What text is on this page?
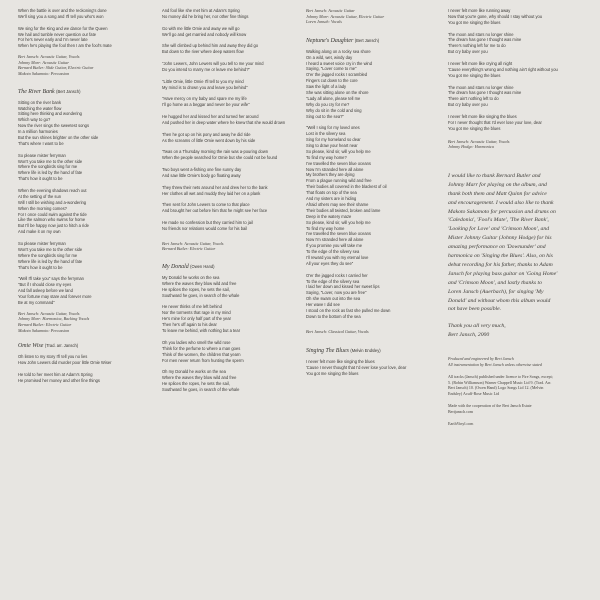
When the battle is over and the reckoning's done
We'll sing you a song and I'll tell you who's won
We sing for the King and we dance for the Queen
We hail and tumble never question our fate
For he's never early and I'm never late
When he's playing the fool then I am the fool's mate
Bert Jansch: Acoustic Guitar, Vocals
Johnny Marr: Acoustic Guitar
Bernard Butler: Slide Guitar, Electric Guitar
Makoto Sakamoto: Percussion
The River Bank (Bert Jansch)
Sitting on the river bank
Watching the water flow
Sitting here thinking and wondering
Which way to go?
Now the river sings the sweetest songs
In a million harmonies
But the sun shines brighter on the other side
That's where I want to be
So please mister ferryman
Won't you take me to the other side
Where the songbirds sing for me
Where life is led by the hand of fate
That's how it ought to be
When the evening shadows reach out
At the setting of the sun
Will I still be wishing and a-wondering
When the morning comes?
For I once could swim against the tide
Like the salmon who swims for home
But I'll be happy now just to hitch a ride
And make it on my own
So please mister ferryman
Won't you take me to the other side
Where the songbirds sing for me
Where life is led by the hand of fate
That's how it ought to be
"Well I'll take you" says the ferryman
"But if I should close my eyes
And fall asleep before we land
Your fortune may stare and forever more
Be at my command"
Bert Jansch: Acoustic Guitar, Vocals
Johnny Marr: Harmonica, Backing Vocals
Bernard Butler: Electric Guitar
Makoto Sakamoto: Percussion
Omie Wise (Trad. arr. Jansch)
Oh listen to my story I'll tell you no lies
How John Lewers did murder poor little Omie Wiser
He told to her meet him at Adam's Spring
He promised her money and other fine things
And fool like she met him at Adam's Spring
No money did he bring her, nor other fine things
Go with me little Omie and away we will go
We'll go and get married and nobody will know
She will climbed up behind him and away they did go
But down to the river where deep waters flow
"John Lewers, John Lewers will you tell to me your mind
Do you intend to marry me or leave me behind?"
"Little Omie, little Omie I'll tell to you my mind
My mind is to drown you and leave you behind"
"Have mercy on my baby and spare me my life
I'll go home as a beggar and never be your wife"
He hugged her and kissed her and turned her around
And pushed her in deep water where he knew that she would drown
Then he got up on his pony and away he did ride
As the screams of little Omie went down by his side
'Twas on a Thursday morning the rain was a-pouring down
When the people searched for Omie but she could not be found
Two boys went a-fishing one fine sunny day
And saw little Omie's body go floating away
They threw their nets around her and drew her to the bank
Her clothes all wet and muddy they laid her on a plank
Then sent for John Lewers to come to that place
And brought her out before him that he might see her face
He made no confession but they carried him to jail
No friends nor relations would come for his bail
Bert Jansch: Acoustic Guitar, Vocals
Bernard Butler: Electric Guitar
My Donald (Owen Hand)
My Donald he works on the sea
Where the waves they blow wild and free
He splices the ropes, he sets the sail,
Southward he goes, in search of the whale
He never thinks of me left behind
Nor the torments that rage in my mind
He's mine for only half part of the year
Then he's off again to his dear
To leave me behind, with nothing but a tear
Oh you ladies who smell the wild rose
Think for the perfume to where a man goes
Think of the women, the children that yearn
For men never return from hunting the sperm
Oh my Donald he works on the sea
Where the waves they blow wild and free
He splices the ropes, he sets the sail,
Southward he goes, in search of the whale
Bert Jansch: Acoustic Guitar
Johnny Marr: Acoustic Guitar, Electric Guitar
Loren Jansch: Vocals
Neptune's Daughter (Bert Jansch)
Walking along on a rocky sea shore
On a wild, wet, windy day
I heard a sweet voice cry in the wind
Saying, "Lover come to me"
O'er the jagged rocks I scrambled
Fingers cut down to the core
Saw the light of a lady
She was sitting alone on the shore
"Lady all alone, please tell me
Why do you cry for me?
Why do sit in the cold and sing
Sing out to the sea?"
"Well I sing for my loved ones
Lost in the silvery sea
Sing for my homeland so dear
Sing to draw your heart near
So please, kind sir, will you help me
To find my way home?
I've travelled the seven blue oceans
Now I'm stranded here all alone
My brothers they are dying
From a plague running wild and free
Their bodies all covered in the blackest of oil
That floats on top of the sea
And my sisters are in hiding
Afraid others may see their shame
Their bodies all twisted, broken and lame
Deep in the watery maze
So please, kind sir, will you help me
To find my way home
I've travelled the seven blue oceans
Now I'm stranded here all alone
If you promise you will take me
To the edge of the silvery sea
I'll reward you with my eternal love
All your eyes they do see"
O'er the jagged rocks I carried her
To the edge of the silvery sea
I laid her down and kissed her sweet lips
Saying, "Lover, now you are free"
Oh she swam out into the sea
Her wave I did see
I stood on the rock as fast she pulled me down
Down to the bottom of the sea
Bert Jansch: Classical Guitar, Vocals
Singing The Blues (Melvin Endsley)
I never felt more like singing the blues
'Cause I never thought that I'd ever lose your love, dear
You got me singing the blues
I never felt more like running away
Now that you're gone, why should I stay without you
You got me singing the blues
The moon and stars no longer shine
The dream has gone I thought was mine
There's nothing left for me to do
But cry baby over you
I never felt more like crying all night
'Cause everything's wrong and nothing ain't right without you
You got me singing the blues
The moon and stars no longer shine
The dream has gone I thought was mine
There ain't nothing left to do
But cry baby over you
I never felt more like singing the blues
For I never thought that I'd ever lose your love, dear
You got me singing the blues
Bert Jansch: Acoustic Guitar, Vocals
Johnny Hodge: Harmonica
I would like to thank Bernard Butler and
Johnny Marr for playing on the album, and
thank both them and Matt Quinn for advice
and encouragement. I would also like to thank
Makoto Sakamoto for percussion and drums on
'Caledonia', 'Fool's Mate', 'The River Bank',
'Looking for Love' and 'Crimson Moon', and
Mister Johnny Guitar (Johnny Hodge) for his
amazing performance on 'Downunder' and
harmonica on 'Singing the Blues'. Also, on his
debut recording for his father, thanks to Adam
Jansch for playing bass guitar on 'Going Home'
and 'Crimson Moon', and lastly thanks to
Loren Jansch (Auerbach), for singing 'My
Donald' and without whom this album would
not have been possible.
Thank you all very much,
Bert Jansch, 2000
Produced and engineered by Bert Jansch
All instrumentation by Bert Jansch unless otherwise stated
All tracks (Jansch) published under licence to Fire Songs, except;
5. (Robin Williamson) Warner Chappell Music Ltd 9. (Trad. Arr.
Bert Jansch) 10. (Owen Hand) Logo Songs Ltd 12. (Melvin
Endsley) Acuff-Rose Music Ltd
Made with the cooperation of the Bert Jansch Estate
Bertjansch.com
EarthVinyl.com
